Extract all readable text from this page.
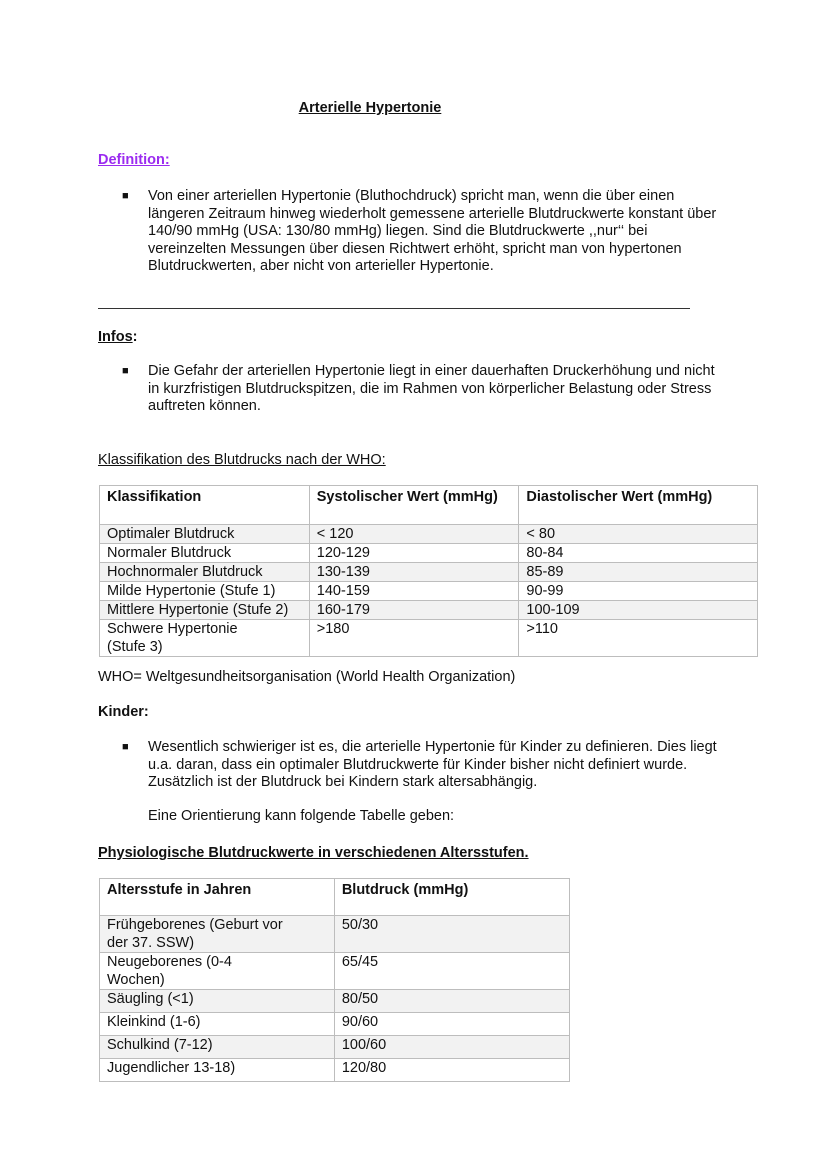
Arterielle Hypertonie
Definition:
■ Von einer arteriellen Hypertonie (Bluthochdruck) spricht man, wenn die über einen längeren Zeitraum hinweg wiederholt gemessene arterielle Blutdruckwerte konstant über 140/90 mmHg (USA: 130/80 mmHg) liegen. Sind die Blutdruckwerte ,,nur‘‘ bei vereinzelten Messungen über diesen Richtwert erhöht, spricht man von hypertonen Blutdruckwerten, aber nicht von arterieller Hypertonie.
Infos:
■ Die Gefahr der arteriellen Hypertonie liegt in einer dauerhaften Druckerhöhung und nicht in kurzfristigen Blutdruckspitzen, die im Rahmen von körperlicher Belastung oder Stress auftreten können.
Klassifikation des Blutdrucks nach der WHO:
Klassifikation	Systolischer Wert (mmHg)	Diastolischer Wert (mmHg)
Optimaler Blutdruck	< 120	< 80
Normaler Blutdruck	120-129	80-84
Hochnormaler Blutdruck	130-139	85-89
Milde Hypertonie (Stufe 1)	140-159	90-99
Mittlere Hypertonie (Stufe 2)	160-179	100-109
Schwere Hypertonie (Stufe 3)	>180	>110
WHO= Weltgesundheitsorganisation (World Health Organization)
Kinder:
■ Wesentlich schwieriger ist es, die arterielle Hypertonie für Kinder zu definieren. Dies liegt u.a. daran, dass ein optimaler Blutdruckwerte für Kinder bisher nicht definiert wurde. Zusätzlich ist der Blutdruck bei Kindern stark altersabhängig.
Eine Orientierung kann folgende Tabelle geben:
Physiologische Blutdruckwerte in verschiedenen Altersstufen.
Altersstufe in Jahren	Blutdruck (mmHg)
Frühgeborenes (Geburt vor der 37. SSW)	50/30
Neugeborenes (0-4 Wochen)	65/45
Säugling (<1)	80/50
Kleinkind (1-6)	90/60
Schulkind (7-12)	100/60
Jugendlicher 13-18)	120/80
